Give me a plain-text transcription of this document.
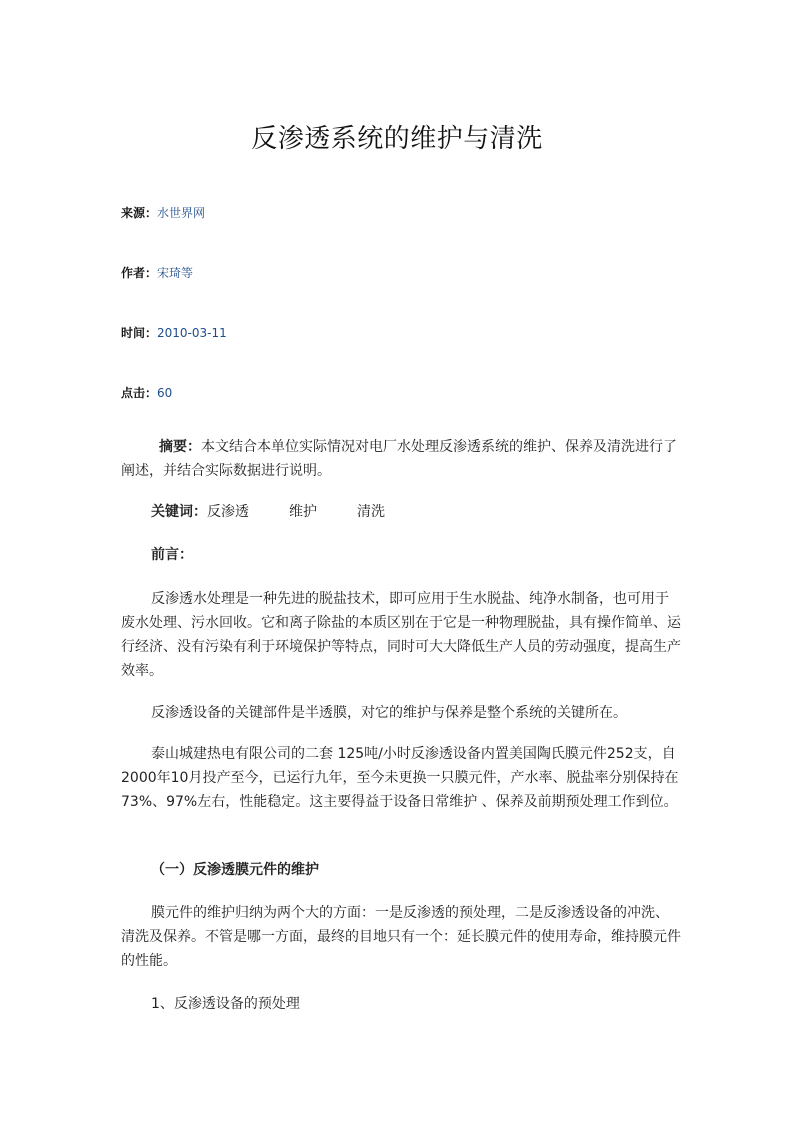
反渗透系统的维护与清洗
来源：水世界网
作者：宋琦等
时间：2010-03-11
点击：60

摘要：本文结合本单位实际情况对电厂水处理反渗透系统的维护、保养及清洗进行了阐述，并结合实际数据进行说明。

关键词：反渗透	维护	清洗

前言：

反渗透水处理是一种先进的脱盐技术，即可应用于生水脱盐、纯净水制备，也可用于废水处理、污水回收。它和离子除盐的本质区别在于它是一种物理脱盐，具有操作简单、运行经济、没有污染有利于环境保护等特点，同时可大大降低生产人员的劳动强度，提高生产效率。

反渗透设备的关键部件是半透膜，对它的维护与保养是整个系统的关键所在。

泰山城建热电有限公司的二套 125吨/小时反渗透设备内置美国陶氏膜元件252支，自2000年10月投产至今，已运行九年，至今未更换一只膜元件，产水率、脱盐率分别保持在 73%、97%左右，性能稳定。这主要得益于设备日常维护 、保养及前期预处理工作到位。

（一）反渗透膜元件的维护

膜元件的维护归纳为两个大的方面：一是反渗透的预处理，二是反渗透设备的冲洗、清洗及保养。不管是哪一方面，最终的目地只有一个：延长膜元件的使用寿命，维持膜元件的性能。

1、反渗透设备的预处理
